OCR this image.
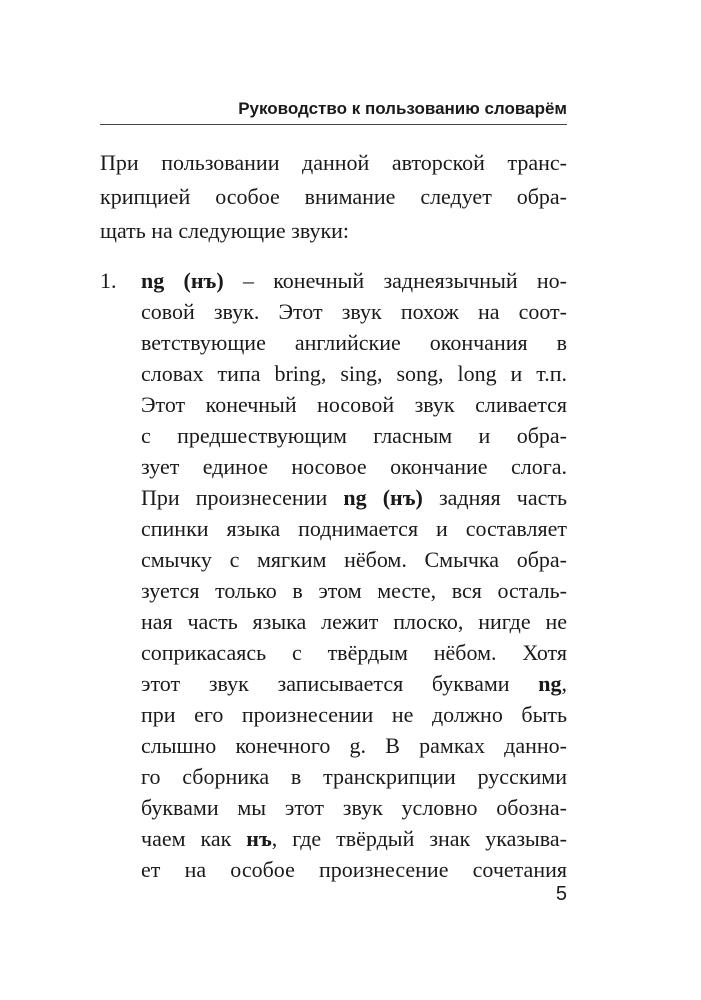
Руководство к пользованию словарём
При пользовании данной авторской транс-
крипцией особое внимание следует обра-
щать на следующие звуки:
1. ng (нъ) – конечный заднеязычный но-
совой звук. Этот звук похож на соот-
ветствующие английские окончания в
словах типа bring, sing, song, long и т.п.
Этот конечный носовой звук сливается
с предшествующим гласным и обра-
зует единое носовое окончание слога.
При произнесении ng (нъ) задняя часть
спинки языка поднимается и составляет
смычку с мягким нёбом. Смычка обра-
зуется только в этом месте, вся осталь-
ная часть языка лежит плоско, нигде не
соприкасаясь с твёрдым нёбом. Хотя
этот звук записывается буквами ng,
при его произнесении не должно быть
слышно конечного g. В рамках данно-
го сборника в транскрипции русскими
буквами мы этот звук условно обозна-
чаем как нъ, где твёрдый знак указыва-
ет на особое произнесение сочетания
5
